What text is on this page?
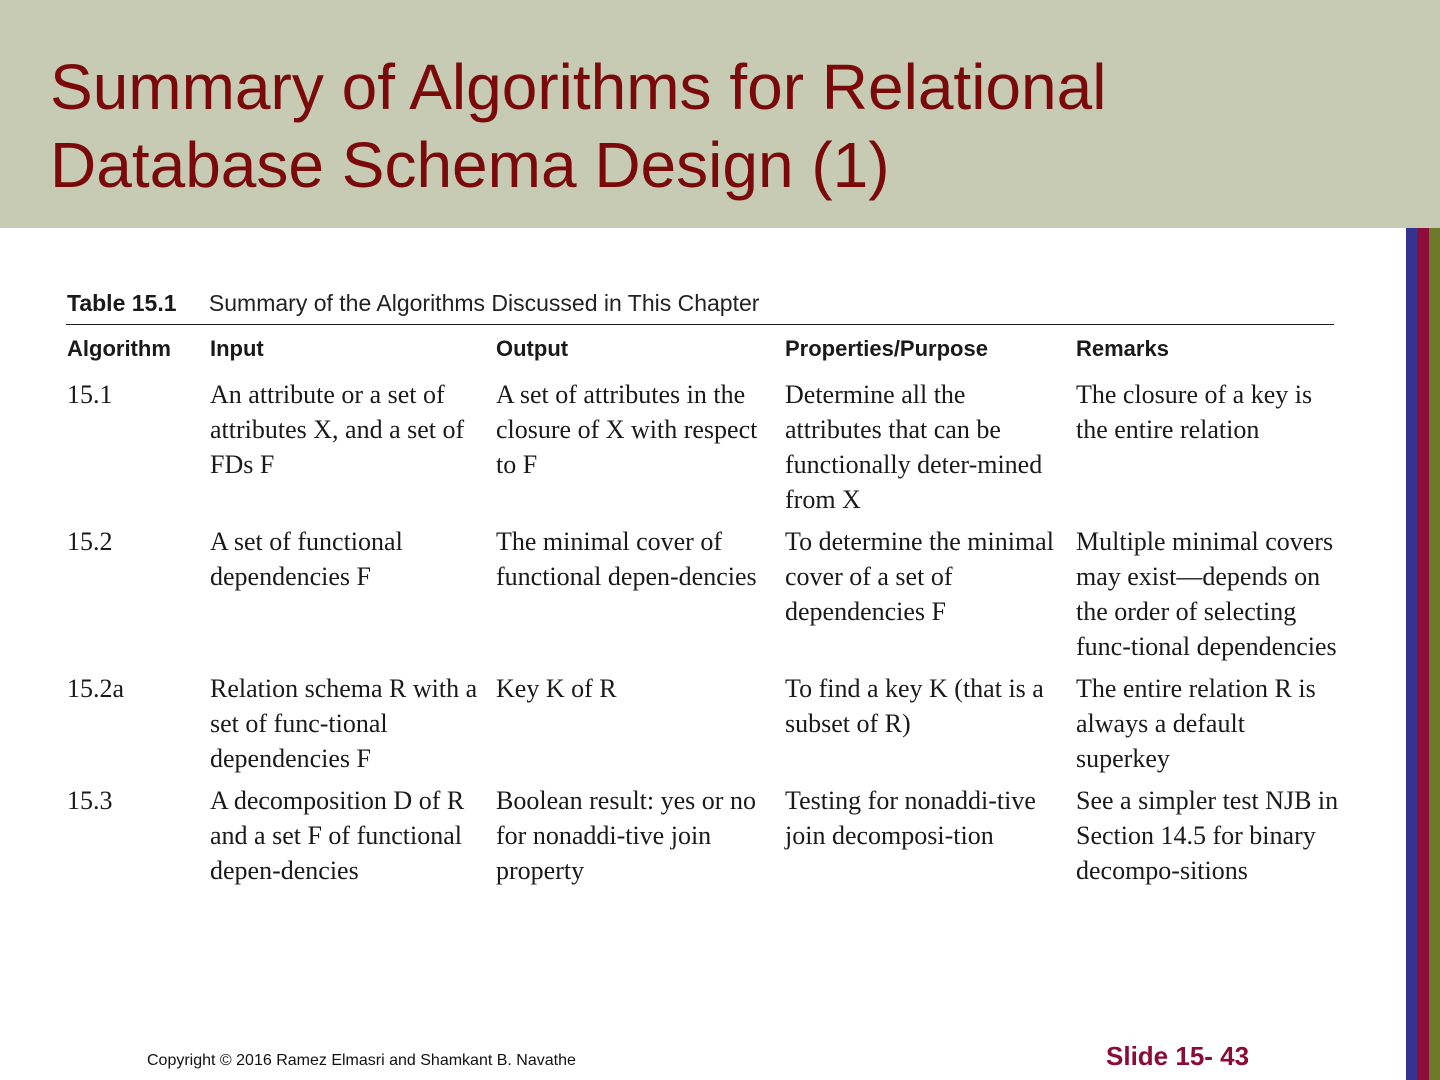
Summary of Algorithms for Relational
Database Schema Design (1)
Table 15.1 Summary of the Algorithms Discussed in This Chapter
Algorithm	Input	Output	Properties/Purpose	Remarks
15.1	An attribute or a set of attributes X, and a set of FDs F	A set of attributes in the closure of X with respect to F	Determine all the attributes that can be functionally deter-mined from X	The closure of a key is the entire relation
15.2	A set of functional dependencies F	The minimal cover of functional depen-dencies	To determine the minimal cover of a set of dependencies F	Multiple minimal covers may exist—depends on the order of selecting func-tional dependencies
15.2a	Relation schema R with a set of func-tional dependencies F	Key K of R	To find a key K (that is a subset of R)	The entire relation R is always a default superkey
15.3	A decomposition D of R and a set F of functional depen-dencies	Boolean result: yes or no for nonaddi-tive join property	Testing for nonaddi-tive join decomposi-tion	See a simpler test NJB in Section 14.5 for binary decompo-sitions
Copyright © 2016 Ramez Elmasri and Shamkant B. Navathe	Slide 15- 43
